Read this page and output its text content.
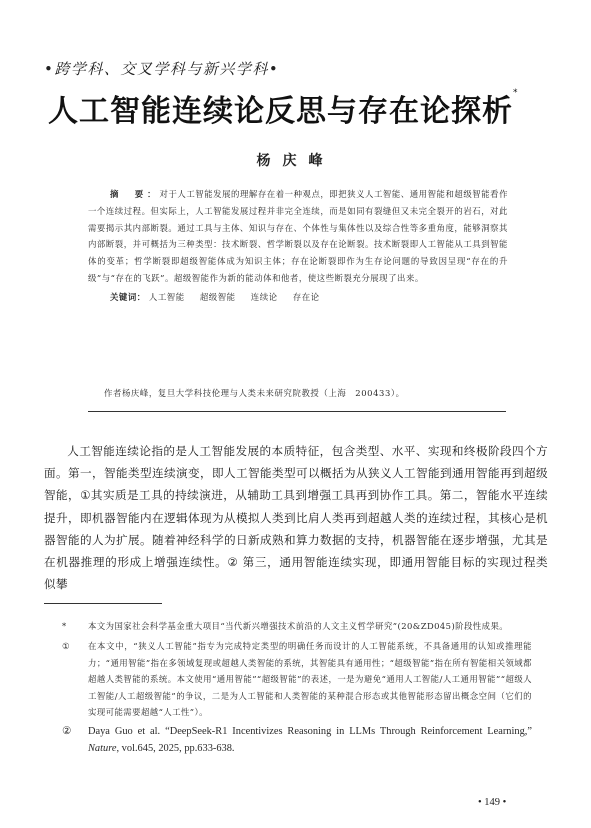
•跨学科、交叉学科与新兴学科•
人工智能连续论反思与存在论探析*
杨庆峰
摘　要：对于人工智能发展的理解存在着一种观点，即把狭义人工智能、通用智能和超级智能看作一个连续过程。但实际上，人工智能发展过程并非完全连续，而是如同有裂缝但又未完全裂开的岩石，对此需要揭示其内部断裂。通过工具与主体、知识与存在、个体性与集体性以及综合性等多重角度，能够洞察其内部断裂，并可概括为三种类型：技术断裂、哲学断裂以及存在论断裂。技术断裂即人工智能从工具到智能体的变革；哲学断裂即超级智能体成为知识主体；存在论断裂即作为生存论问题的导致因呈现“存在的升级”与“存在的飞跃”。超级智能作为新的能动体和他者，使这些断裂充分展现了出来。
关键词： 人工智能 超级智能 连续论 存在论
作者杨庆峰，复旦大学科技伦理与人类未来研究院教授（上海　200433）。

人工智能连续论指的是人工智能发展的本质特征，包含类型、水平、实现和终极阶段四个方面。第一，智能类型连续演变，即人工智能类型可以概括为从狭义人工智能到通用智能再到超级智能，①其实质是工具的持续演进，从辅助工具到增强工具再到协作工具。第二，智能水平连续提升，即机器智能内在逻辑体现为从模拟人类到比肩人类再到超越人类的连续过程，其核心是机器智能的人为扩展。随着神经科学的日新成熟和算力数据的支持，机器智能在逐步增强，尤其是在机器推理的形成上增强连续性。② 第三，通用智能连续实现，即通用智能目标的实现过程类似攀

*	本文为国家社会科学基金重大项目“当代新兴增强技术前沿的人文主义哲学研究”(20&ZD045)阶段性成果。
① 在本文中，“狭义人工智能”指专为完成特定类型的明确任务而设计的人工智能系统，不具备通用的认知或推理能力；“通用智能”指在多领域复现或超越人类智能的系统，其智能具有通用性；“超级智能”指在所有智能相关领域都超越人类智能的系统。本文使用“通用智能”“超级智能”的表述，一是为避免“通用人工智能/人工通用智能”“超级人工智能/人工超级智能”的争议，二是为人工智能和人类智能的某种混合形态或其他智能形态留出概念空间（它们的实现可能需要超越“人工性”）。
② Daya Guo et al. “DeepSeek-R1 Incentivizes Reasoning in LLMs Through Reinforcement Learning,” Nature, vol.645, 2025, pp.633-638.
• 149 •
